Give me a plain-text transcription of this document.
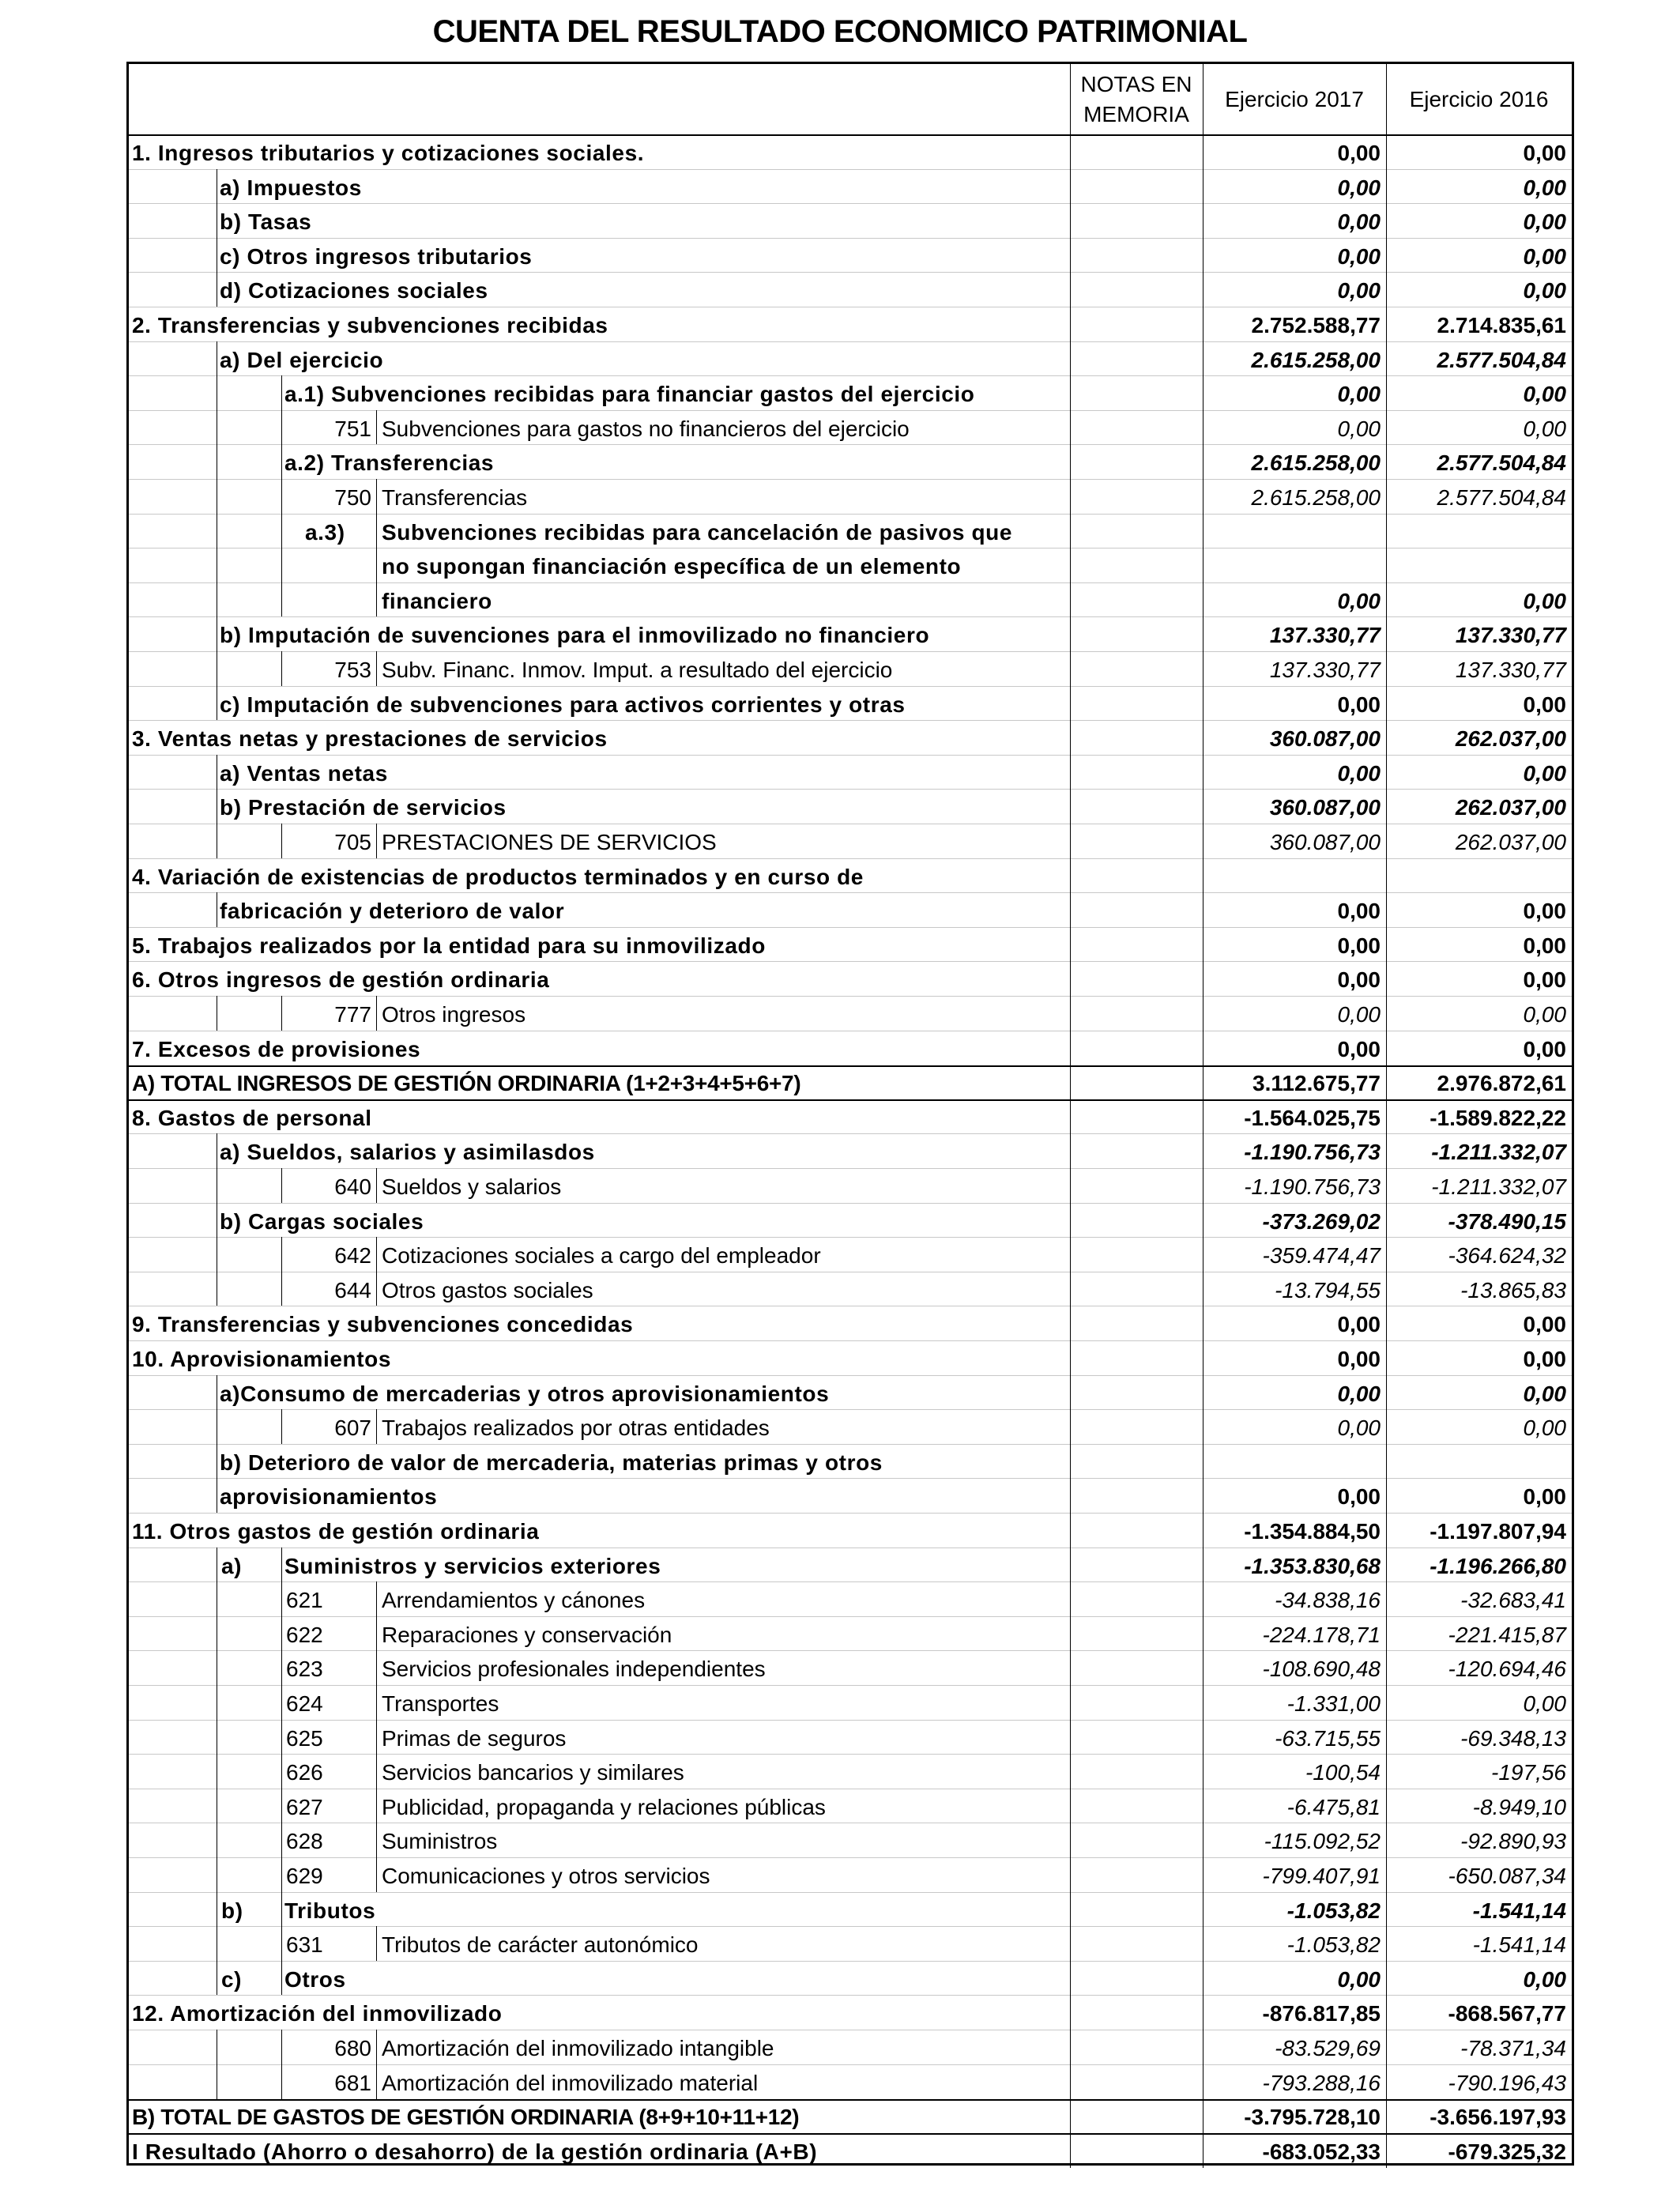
CUENTA DEL RESULTADO ECONOMICO PATRIMONIAL
NOTAS EN MEMORIA
Ejercicio 2017	Ejercicio 2016
1. Ingresos tributarios y cotizaciones sociales.	0,00	0,00
a) Impuestos	0,00	0,00
b) Tasas	0,00	0,00
c) Otros ingresos tributarios	0,00	0,00
d) Cotizaciones sociales	0,00	0,00
2. Transferencias y subvenciones recibidas	2.752.588,77	2.714.835,61
a) Del ejercicio	2.615.258,00	2.577.504,84
a.1) Subvenciones recibidas para financiar gastos del ejercicio	0,00	0,00
751 Subvenciones para gastos no financieros del ejercicio	0,00	0,00
a.2) Transferencias	2.615.258,00	2.577.504,84
750 Transferencias	2.615.258,00	2.577.504,84
a.3) Subvenciones recibidas para cancelación de pasivos que
no supongan financiación específica de un elemento
financiero	0,00	0,00
b) Imputación de suvenciones para el inmovilizado no financiero	137.330,77	137.330,77
753 Subv. Financ. Inmov. Imput. a resultado del ejercicio	137.330,77	137.330,77
c) Imputación de subvenciones para activos corrientes y otras	0,00	0,00
3. Ventas netas y prestaciones de servicios	360.087,00	262.037,00
a) Ventas netas	0,00	0,00
b) Prestación de servicios	360.087,00	262.037,00
705 PRESTACIONES DE SERVICIOS	360.087,00	262.037,00
4. Variación de existencias de productos terminados y en curso de
fabricación y deterioro de valor	0,00	0,00
5. Trabajos realizados por la entidad para su inmovilizado	0,00	0,00
6. Otros ingresos de gestión ordinaria	0,00	0,00
777 Otros ingresos	0,00	0,00
7. Excesos de provisiones	0,00	0,00
A) TOTAL INGRESOS DE GESTIÓN ORDINARIA (1+2+3+4+5+6+7)	3.112.675,77	2.976.872,61
8. Gastos de personal	-1.564.025,75	-1.589.822,22
a) Sueldos, salarios y asimilasdos	-1.190.756,73	-1.211.332,07
640 Sueldos y salarios	-1.190.756,73	-1.211.332,07
b) Cargas sociales	-373.269,02	-378.490,15
642 Cotizaciones sociales a cargo del empleador	-359.474,47	-364.624,32
644 Otros gastos sociales	-13.794,55	-13.865,83
9. Transferencias y subvenciones concedidas	0,00	0,00
10. Aprovisionamientos	0,00	0,00
a)Consumo de mercaderias y otros aprovisionamientos	0,00	0,00
607 Trabajos realizados por otras entidades	0,00	0,00
b) Deterioro de valor de mercaderia, materias primas y otros
aprovisionamientos	0,00	0,00
11. Otros gastos de gestión ordinaria	-1.354.884,50	-1.197.807,94
a) Suministros y servicios exteriores	-1.353.830,68	-1.196.266,80
621	Arrendamientos y cánones	-34.838,16	-32.683,41
622	Reparaciones y conservación	-224.178,71	-221.415,87
623	Servicios profesionales independientes	-108.690,48	-120.694,46
624	Transportes	-1.331,00	0,00
625	Primas de seguros	-63.715,55	-69.348,13
626	Servicios bancarios y similares	-100,54	-197,56
627	Publicidad, propaganda y relaciones públicas	-6.475,81	-8.949,10
628	Suministros	-115.092,52	-92.890,93
629	Comunicaciones y otros servicios	-799.407,91	-650.087,34
b) Tributos	-1.053,82	-1.541,14
631	Tributos de carácter autonómico	-1.053,82	-1.541,14
c) Otros	0,00	0,00
12. Amortización del inmovilizado	-876.817,85	-868.567,77
680 Amortización del inmovilizado intangible	-83.529,69	-78.371,34
681 Amortización del inmovilizado material	-793.288,16	-790.196,43
B) TOTAL DE GASTOS DE GESTIÓN ORDINARIA (8+9+10+11+12)	-3.795.728,10	-3.656.197,93
I Resultado (Ahorro o desahorro) de la gestión ordinaria (A+B)	-683.052,33	-679.325,32
